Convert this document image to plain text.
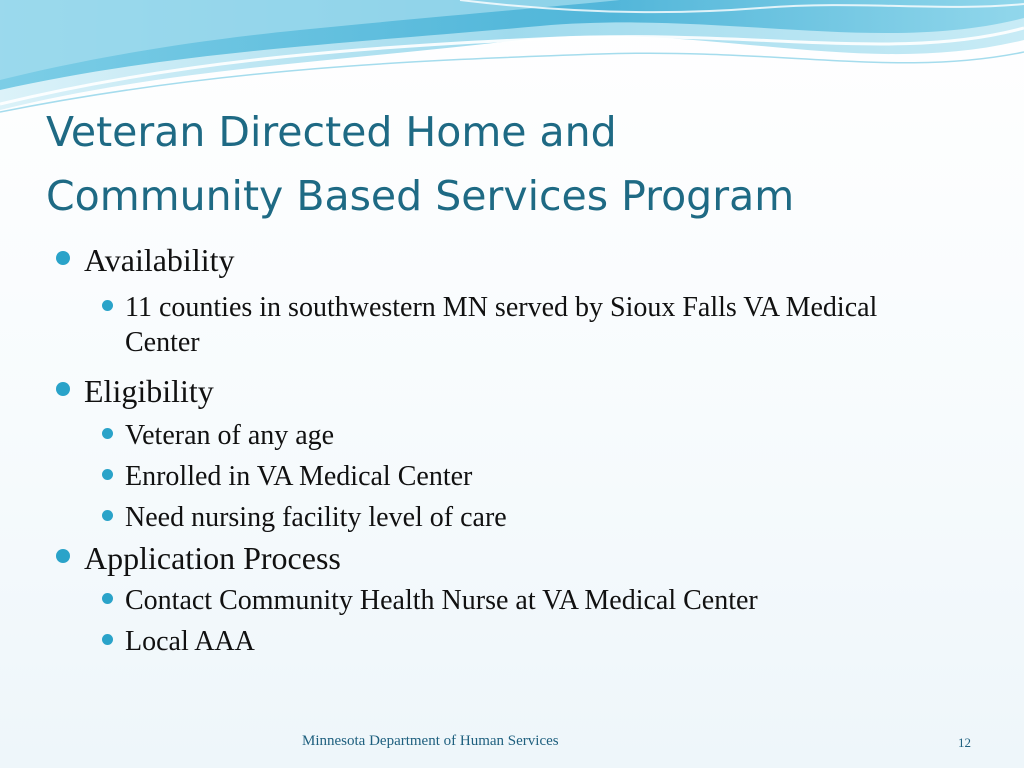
Veteran Directed Home and
Community Based Services Program
Availability
11 counties in southwestern MN served by Sioux Falls VA Medical Center
Eligibility
Veteran of any age
Enrolled in VA Medical Center
Need nursing facility level of care
Application Process
Contact Community Health Nurse at VA Medical Center
Local AAA
Minnesota Department of Human Services	12
